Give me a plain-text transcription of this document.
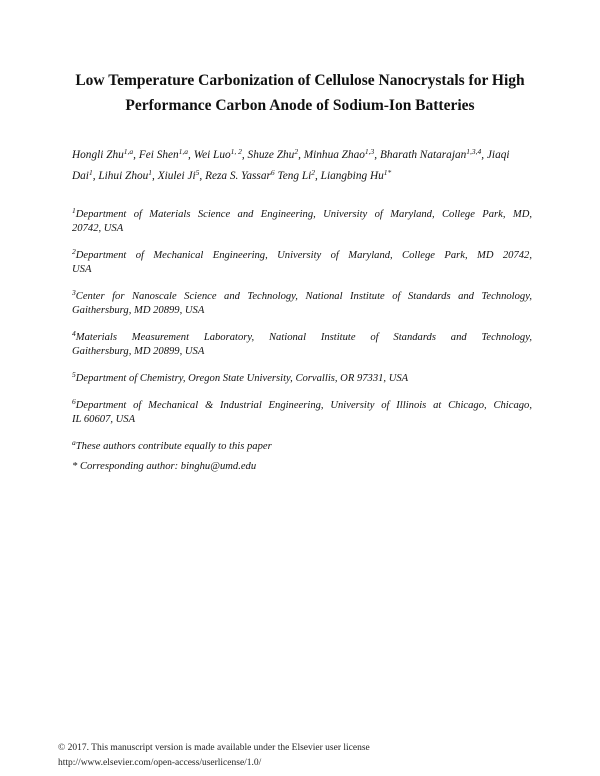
Low Temperature Carbonization of Cellulose Nanocrystals for High
Performance Carbon Anode of Sodium-Ion Batteries
Hongli Zhu$^{1,a}$, Fei Shen$^{1,a}$, Wei Luo$^{1, 2}$, Shuze Zhu$^2$, Minhua Zhao$^{1,3}$, Bharath Natarajan$^{1,3,4}$, Jiaqi
Dai$^1$, Lihui Zhou$^1$, Xiulei Ji$^5$, Reza S. Yassar$^6$ Teng Li$^2$, Liangbing $Hu^{1*}$
$^1$Department of Materials Science and Engineering, University of Maryland, College Park, MD,
20742, USA
$^2$Department of Mechanical Engineering, University of Maryland, College Park, MD 20742,
USA
$^3$Center for Nanoscale Science and Technology, National Institute of Standards and Technology,
Gaithersburg, MD 20899, USA
$^4$Materials Measurement Laboratory, National Institute of Standards and Technology,
Gaithersburg, MD 20899, USA
$^5$Department of Chemistry, Oregon State University, Corvallis, OR 97331, USA
$^6$Department of Mechanical & Industrial Engineering, University of Illinois at Chicago, Chicago,
IL 60607, USA
$^a$These authors contribute equally to this paper
* Corresponding author: binghu@umd.edu
© 2017. This manuscript version is made available under the Elsevier user license
http://www.elsevier.com/open-access/userlicense/1.0/
